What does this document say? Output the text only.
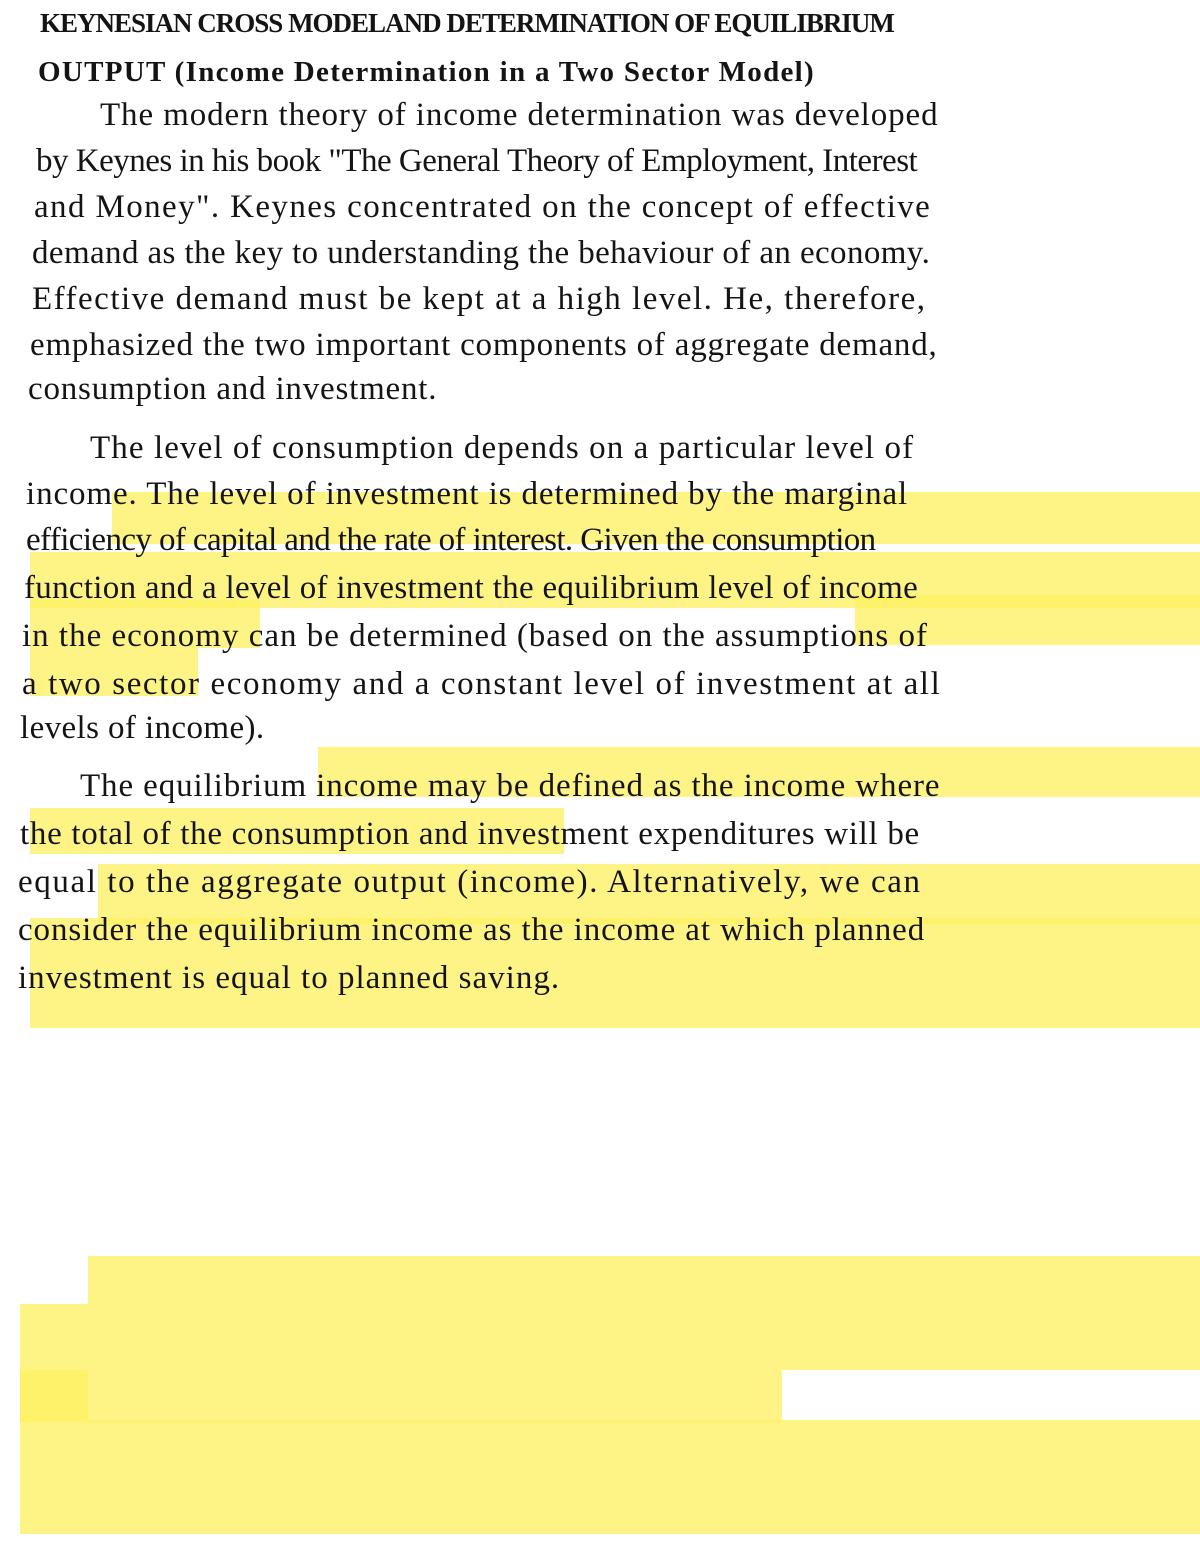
KEYNESIAN CROSS MODELAND DETERMINATION OF EQUILIBRIUM

OUTPUT (Income Determination in a Two Sector Model)

The modern theory of income determination was developed

by Keynes in his book "The General Theory of Employment, Interest

and Money". Keynes concentrated on the concept of effective

demand as the key to understanding the behaviour of an economy.

Effective demand must be kept at a high level. He, therefore,

emphasized the two important components of aggregate demand,

consumption and investment.

The level of consumption depends on a particular level of

income. The level of investment is determined by the marginal

efficiency of capital and the rate of interest. Given the consumption

function and a level of investment the equilibrium level of income

in the economy can be determined (based on the assumptions of

a two sector economy and a constant level of investment at all

levels of income).

The equilibrium income may be defined as the income where

the total of the consumption and investment expenditures will be

equal to the aggregate output (income). Alternatively, we can

consider the equilibrium income as the income at which planned

investment is equal to planned saving.
